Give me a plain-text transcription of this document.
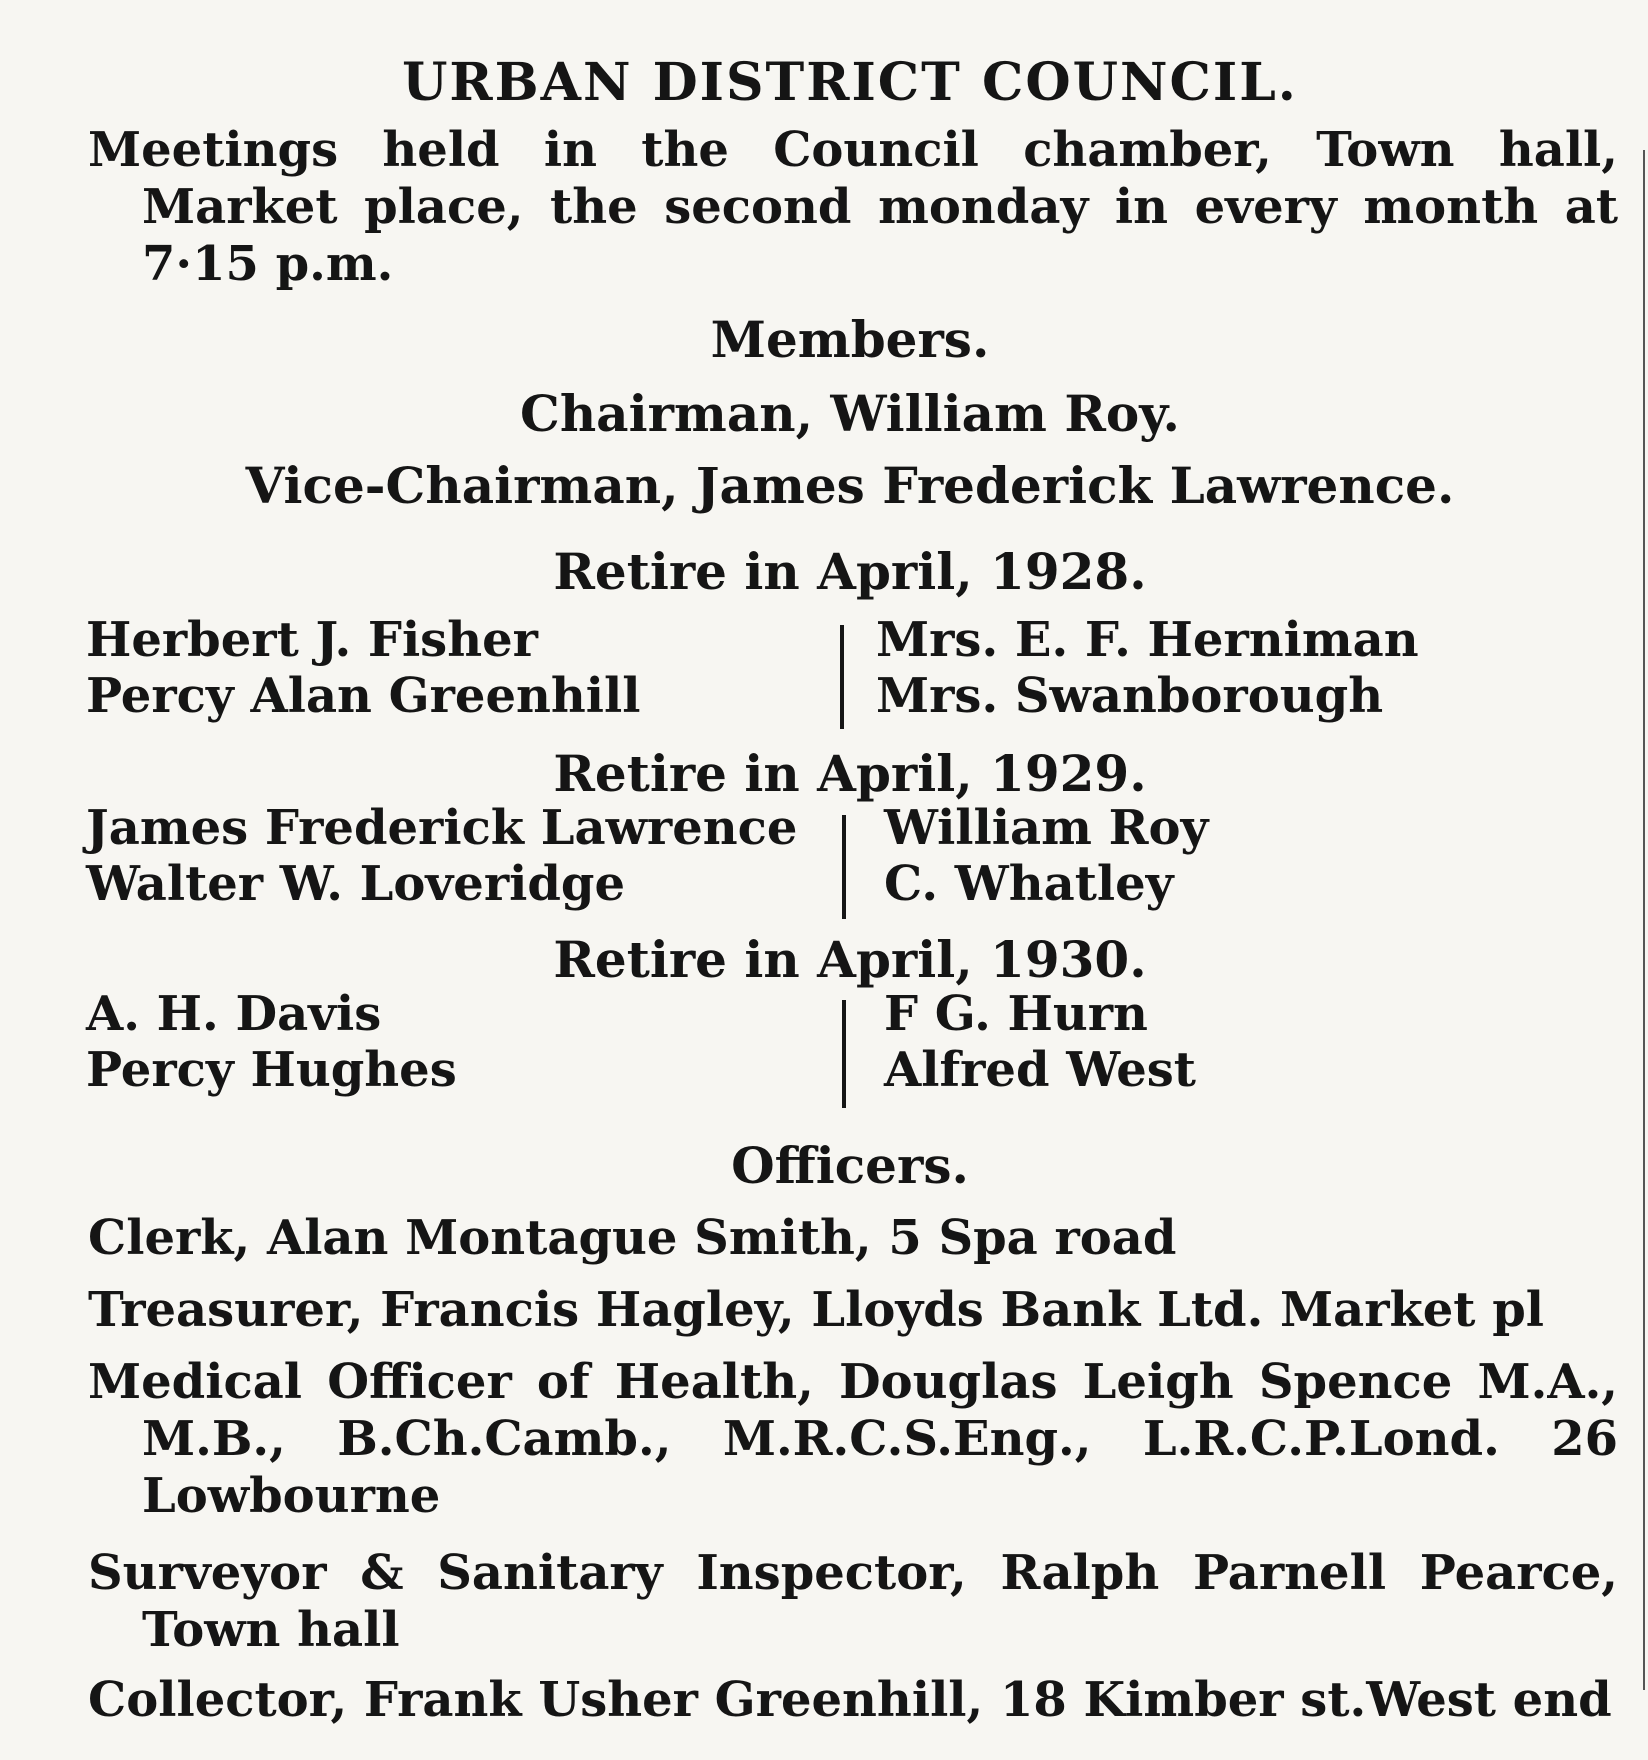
URBAN DISTRICT COUNCIL.
Meetings held in the Council chamber, Town hall, Market place, the second monday in every month at 7·15 p.m.
Members.
Chairman, William Roy.
Vice-Chairman, James Frederick Lawrence.
Retire in April, 1928.
Herbert J. Fisher
Percy Alan Greenhill
Mrs. E. F. Herniman
Mrs. Swanborough
Retire in April, 1929.
James Frederick Lawrence
Walter W. Loveridge
William Roy
C. Whatley
Retire in April, 1930.
A. H. Davis
Percy Hughes
F G. Hurn
Alfred West
Officers.
Clerk, Alan Montague Smith, 5 Spa road
Treasurer, Francis Hagley, Lloyds Bank Ltd. Market pl
Medical Officer of Health, Douglas Leigh Spence M.A., M.B., B.Ch.Camb., M.R.C.S.Eng., L.R.C.P.Lond. 26 Lowbourne
Surveyor & Sanitary Inspector, Ralph Parnell Pearce, Town hall
Collector, Frank Usher Greenhill, 18 Kimber st.West end
